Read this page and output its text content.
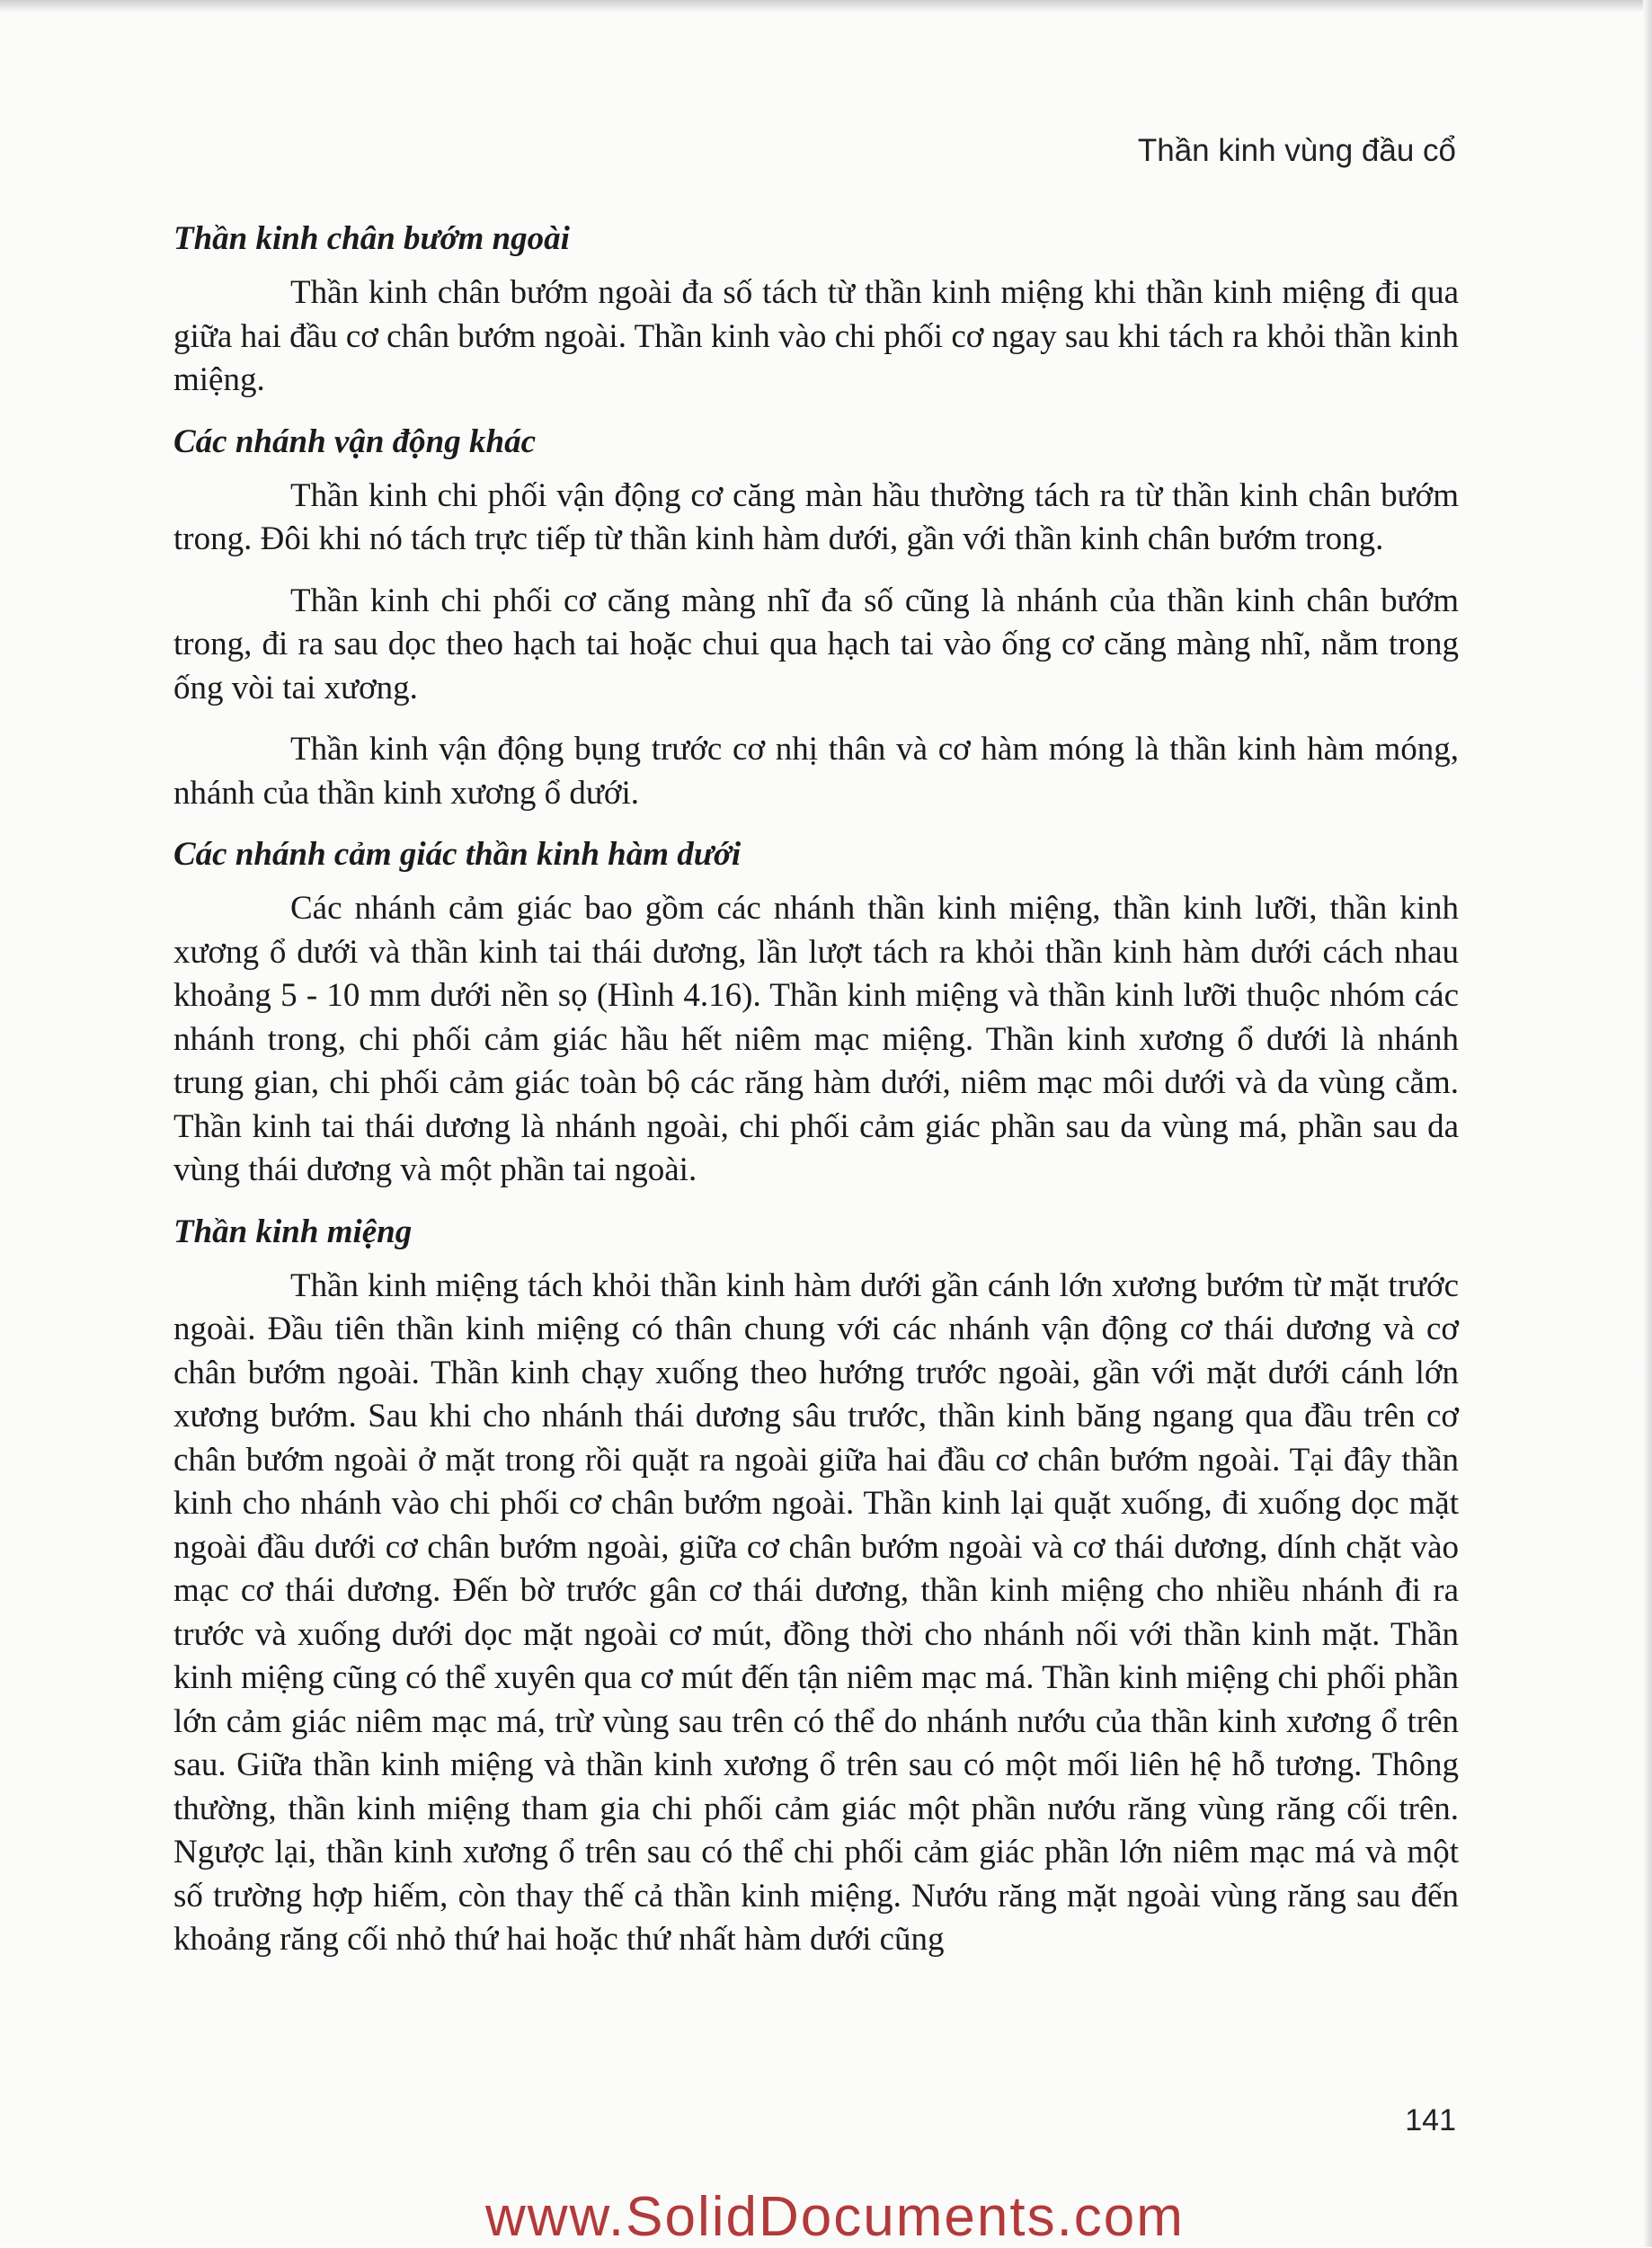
Thần kinh vùng đầu cổ

Thần kinh chân bướm ngoài

Thần kinh chân bướm ngoài đa số tách từ thần kinh miệng khi thần kinh miệng đi qua giữa hai đầu cơ chân bướm ngoài. Thần kinh vào chi phối cơ ngay sau khi tách ra khỏi thần kinh miệng.

Các nhánh vận động khác

Thần kinh chi phối vận động cơ căng màn hầu thường tách ra từ thần kinh chân bướm trong. Đôi khi nó tách trực tiếp từ thần kinh hàm dưới, gần với thần kinh chân bướm trong.

Thần kinh chi phối cơ căng màng nhĩ đa số cũng là nhánh của thần kinh chân bướm trong, đi ra sau dọc theo hạch tai hoặc chui qua hạch tai vào ống cơ căng màng nhĩ, nằm trong ống vòi tai xương.

Thần kinh vận động bụng trước cơ nhị thân và cơ hàm móng là thần kinh hàm móng, nhánh của thần kinh xương ổ dưới.

Các nhánh cảm giác thần kinh hàm dưới

Các nhánh cảm giác bao gồm các nhánh thần kinh miệng, thần kinh lưỡi, thần kinh xương ổ dưới và thần kinh tai thái dương, lần lượt tách ra khỏi thần kinh hàm dưới cách nhau khoảng 5 - 10 mm dưới nền sọ (Hình 4.16). Thần kinh miệng và thần kinh lưỡi thuộc nhóm các nhánh trong, chi phối cảm giác hầu hết niêm mạc miệng. Thần kinh xương ổ dưới là nhánh trung gian, chi phối cảm giác toàn bộ các răng hàm dưới, niêm mạc môi dưới và da vùng cằm. Thần kinh tai thái dương là nhánh ngoài, chi phối cảm giác phần sau da vùng má, phần sau da vùng thái dương và một phần tai ngoài.

Thần kinh miệng

Thần kinh miệng tách khỏi thần kinh hàm dưới gần cánh lớn xương bướm từ mặt trước ngoài. Đầu tiên thần kinh miệng có thân chung với các nhánh vận động cơ thái dương và cơ chân bướm ngoài. Thần kinh chạy xuống theo hướng trước ngoài, gần với mặt dưới cánh lớn xương bướm. Sau khi cho nhánh thái dương sâu trước, thần kinh băng ngang qua đầu trên cơ chân bướm ngoài ở mặt trong rồi quặt ra ngoài giữa hai đầu cơ chân bướm ngoài. Tại đây thần kinh cho nhánh vào chi phối cơ chân bướm ngoài. Thần kinh lại quặt xuống, đi xuống dọc mặt ngoài đầu dưới cơ chân bướm ngoài, giữa cơ chân bướm ngoài và cơ thái dương, dính chặt vào mạc cơ thái dương. Đến bờ trước gân cơ thái dương, thần kinh miệng cho nhiều nhánh đi ra trước và xuống dưới dọc mặt ngoài cơ mút, đồng thời cho nhánh nối với thần kinh mặt. Thần kinh miệng cũng có thể xuyên qua cơ mút đến tận niêm mạc má. Thần kinh miệng chi phối phần lớn cảm giác niêm mạc má, trừ vùng sau trên có thể do nhánh nướu của thần kinh xương ổ trên sau. Giữa thần kinh miệng và thần kinh xương ổ trên sau có một mối liên hệ hỗ tương. Thông thường, thần kinh miệng tham gia chi phối cảm giác một phần nướu răng vùng răng cối trên. Ngược lại, thần kinh xương ổ trên sau có thể chi phối cảm giác phần lớn niêm mạc má và một số trường hợp hiếm, còn thay thế cả thần kinh miệng. Nướu răng mặt ngoài vùng răng sau đến khoảng răng cối nhỏ thứ hai hoặc thứ nhất hàm dưới cũng

141
www.SolidDocuments.com
